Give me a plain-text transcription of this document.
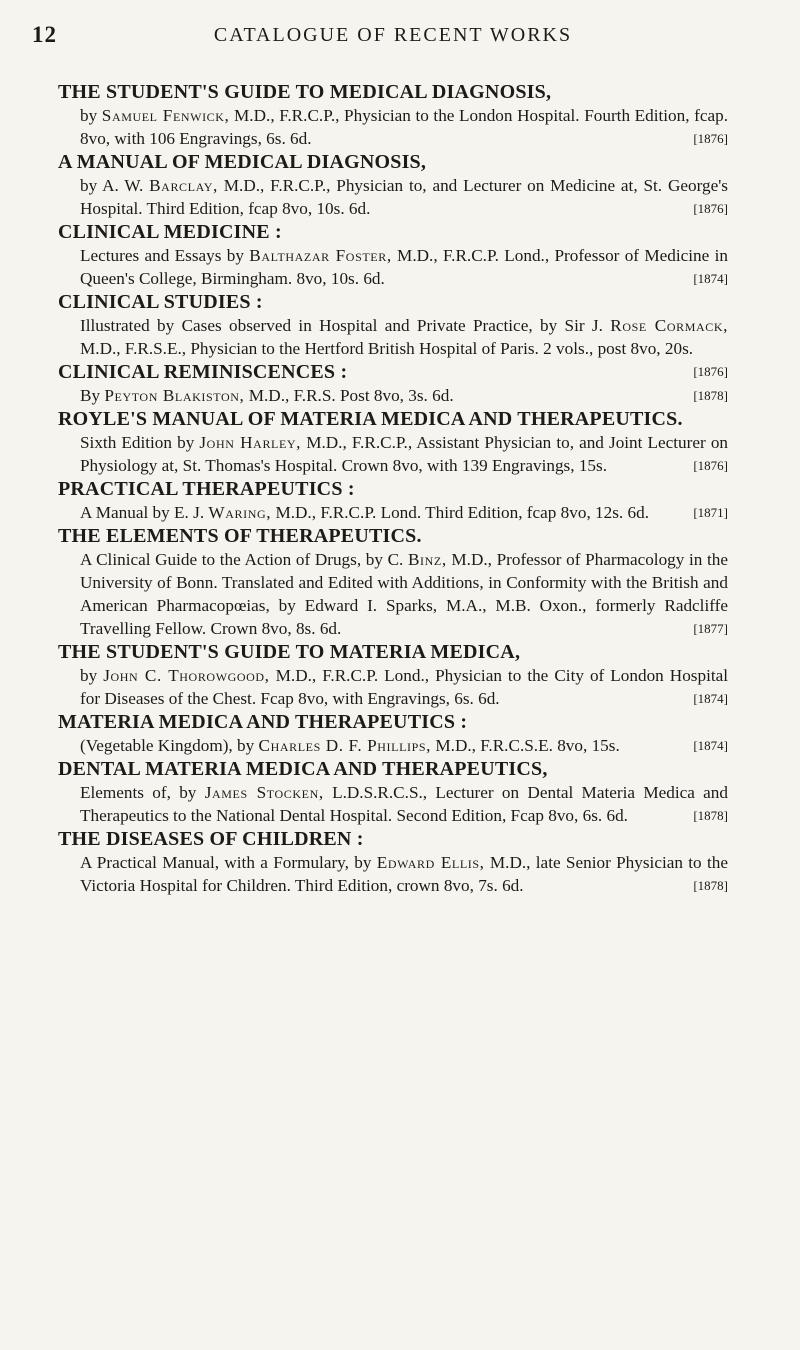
12	CATALOGUE OF RECENT WORKS

THE STUDENT'S GUIDE TO MEDICAL DIAGNOSIS,

by Samuel Fenwick, M.D., F.R.C.P., Physician to the London Hospital. Fourth Edition, fcap. 8vo, with 106 Engravings, 6s. 6d.	[1876]

A MANUAL OF MEDICAL DIAGNOSIS,

by A. W. Barclay, M.D., F.R.C.P., Physician to, and Lecturer on Medicine at, St. George's Hospital. Third Edition, fcap 8vo, 10s. 6d.	[1876]

CLINICAL MEDICINE :

Lectures and Essays by Balthazar Foster, M.D., F.R.C.P. Lond., Professor of Medicine in Queen's College, Birmingham. 8vo, 10s. 6d.	[1874]

CLINICAL STUDIES :

Illustrated by Cases observed in Hospital and Private Practice, by Sir J. Rose Cormack, M.D., F.R.S.E., Physician to the Hertford British Hospital of Paris. 2 vols., post 8vo, 20s.
[1876]

CLINICAL REMINISCENCES :

By Peyton Blakiston, M.D., F.R.S. Post 8vo, 3s. 6d.	[1878]

ROYLE'S MANUAL OF MATERIA MEDICA AND THERAPEUTICS.

Sixth Edition by John Harley, M.D., F.R.C.P., Assistant Physician to, and Joint Lecturer on Physiology at, St. Thomas's Hospital. Crown 8vo, with 139 Engravings, 15s.	[1876]

PRACTICAL THERAPEUTICS :

A Manual by E. J. Waring, M.D., F.R.C.P. Lond. Third Edition, fcap 8vo, 12s. 6d.	[1871]

THE ELEMENTS OF THERAPEUTICS.

A Clinical Guide to the Action of Drugs, by C. Binz, M.D., Professor of Pharmacology in the University of Bonn. Translated and Edited with Additions, in Conformity with the British and American Pharmacopœias, by Edward I. Sparks, M.A., M.B. Oxon., formerly Radcliffe Travelling Fellow. Crown 8vo, 8s. 6d.	[1877]

THE STUDENT'S GUIDE TO MATERIA MEDICA,

by John C. Thorowgood, M.D., F.R.C.P. Lond., Physician to the City of London Hospital for Diseases of the Chest. Fcap 8vo, with Engravings, 6s. 6d.	[1874]

MATERIA MEDICA AND THERAPEUTICS :

(Vegetable Kingdom), by Charles D. F. Phillips, M.D., F.R.C.S.E. 8vo, 15s.	[1874]

DENTAL MATERIA MEDICA AND THERAPEUTICS,

Elements of, by James Stocken, L.D.S.R.C.S., Lecturer on Dental Materia Medica and Therapeutics to the National Dental Hospital. Second Edition, Fcap 8vo, 6s. 6d.	[1878]

THE DISEASES OF CHILDREN :

A Practical Manual, with a Formulary, by Edward Ellis, M.D., late Senior Physician to the Victoria Hospital for Children. Third Edition, crown 8vo, 7s. 6d.	[1878]
